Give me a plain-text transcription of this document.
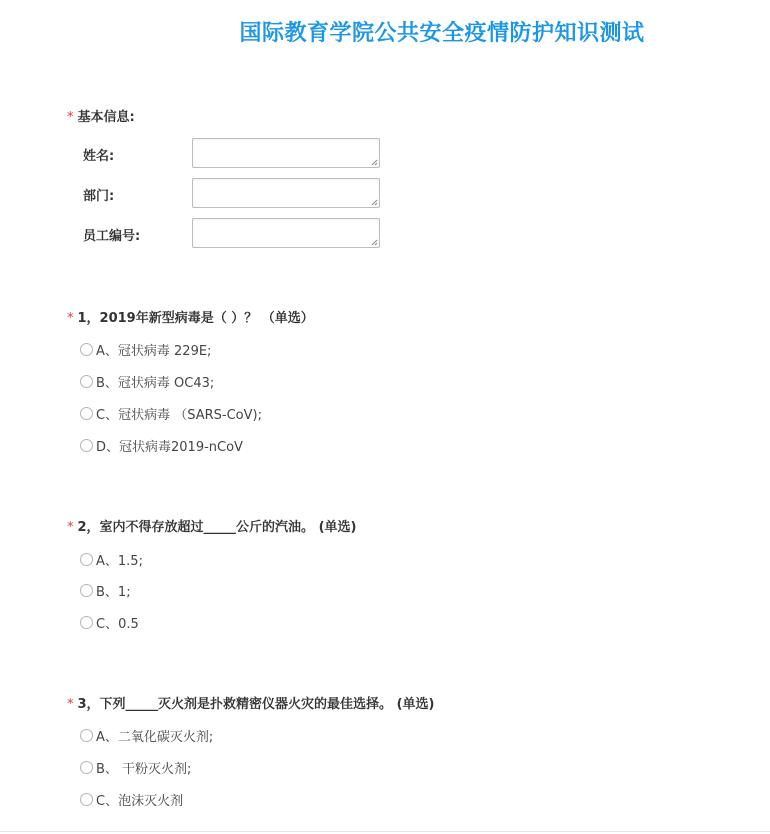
国际教育学院公共安全疫情防护知识测试
* 基本信息:
姓名:
部门:
员工编号:
* 1，2019年新型病毒是（ ）？ （单选）
A、冠状病毒 229E;
B、冠状病毒 OC43;
C、冠状病毒 （SARS-CoV);
D、冠状病毒2019-nCoV
* 2，室内不得存放超过_____公斤的汽油。 (单选)
A、1.5;
B、1;
C、0.5
* 3，下列_____灭火剂是扑救精密仪器火灾的最佳选择。 (单选)
A、二氧化碳灭火剂;
B、 干粉灭火剂;
C、泡沫灭火剂
